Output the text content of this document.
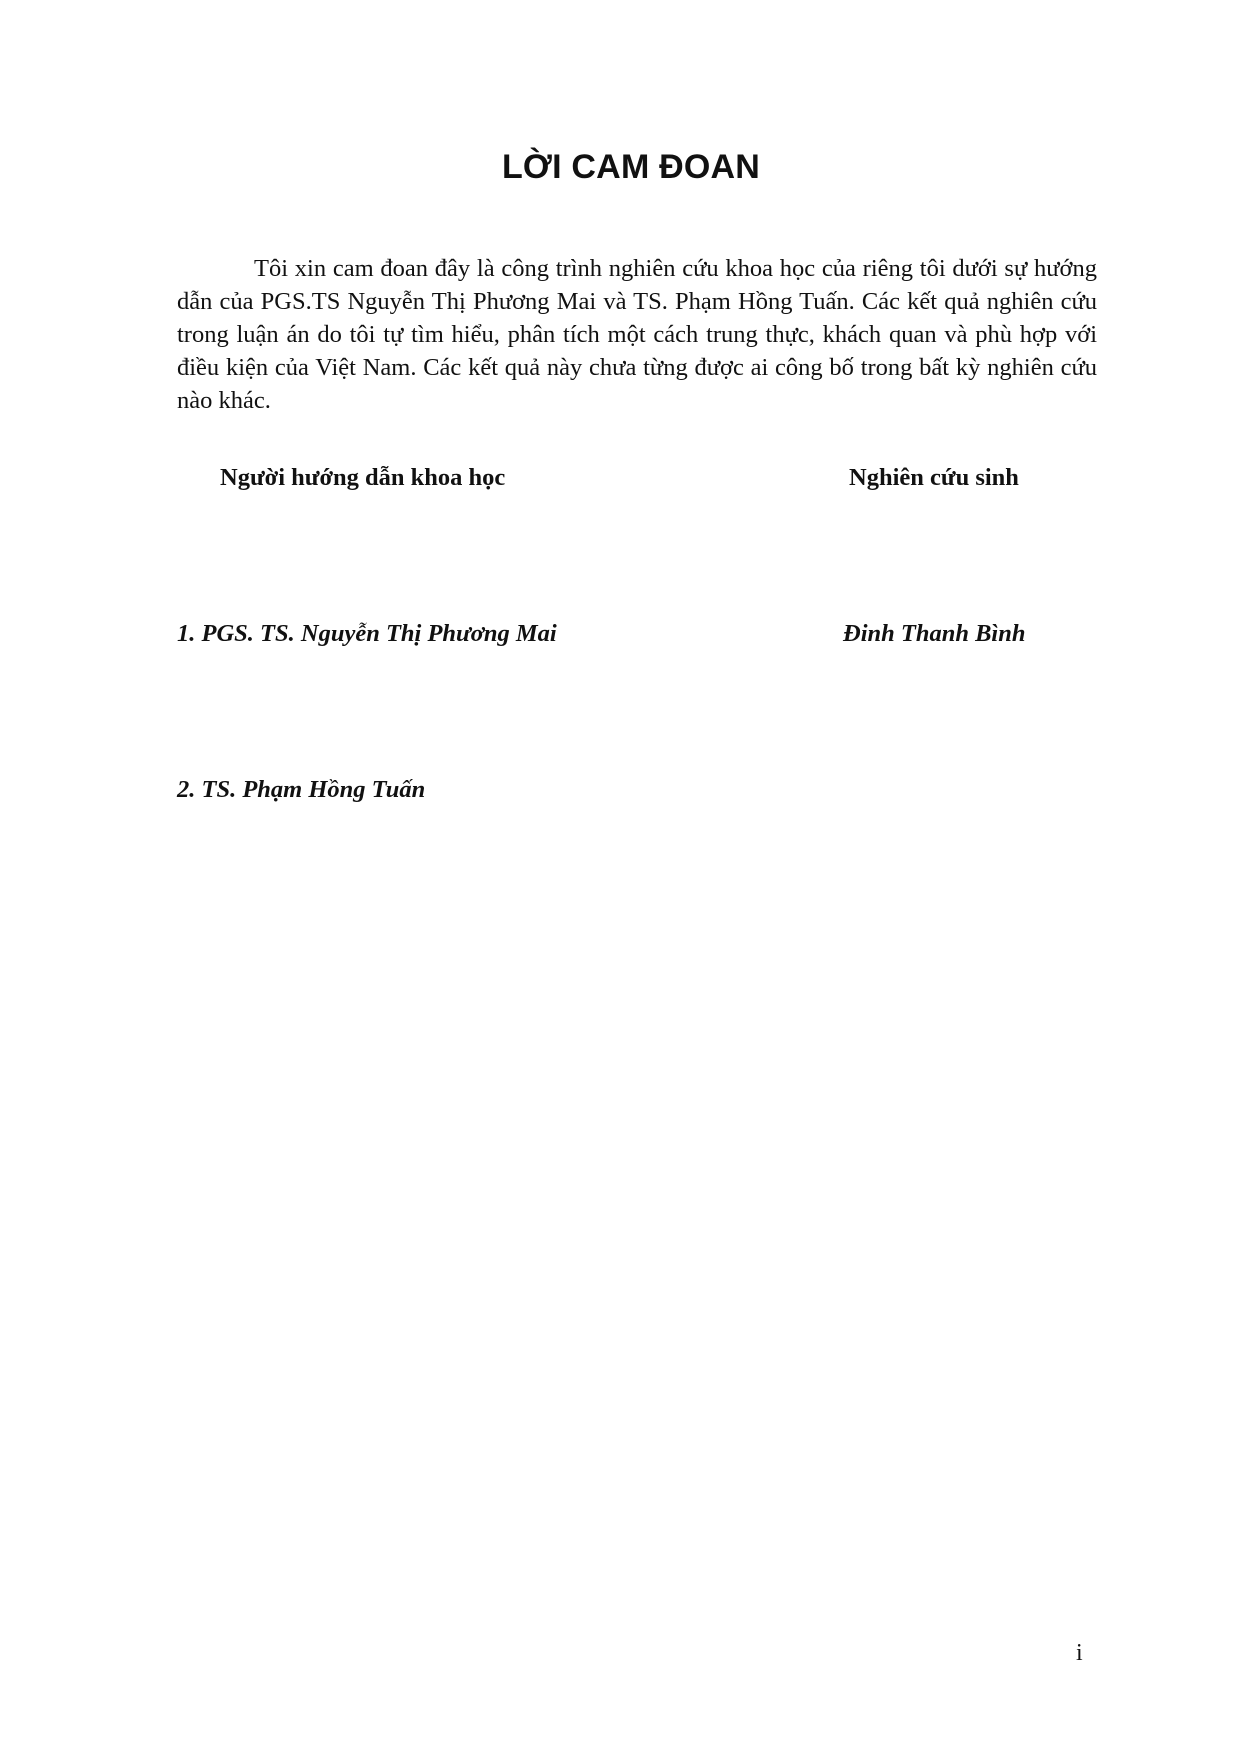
LỜI CAM ĐOAN

Tôi xin cam đoan đây là công trình nghiên cứu khoa học của riêng tôi dưới sự hướng dẫn của PGS.TS Nguyễn Thị Phương Mai và TS. Phạm Hồng Tuấn. Các kết quả nghiên cứu trong luận án do tôi tự tìm hiểu, phân tích một cách trung thực, khách quan và phù hợp với điều kiện của Việt Nam. Các kết quả này chưa từng được ai công bố trong bất kỳ nghiên cứu nào khác.

Người hướng dẫn khoa học	Nghiên cứu sinh
1. PGS. TS. Nguyễn Thị Phương Mai	Đinh Thanh Bình
2. TS. Phạm Hồng Tuấn
i
